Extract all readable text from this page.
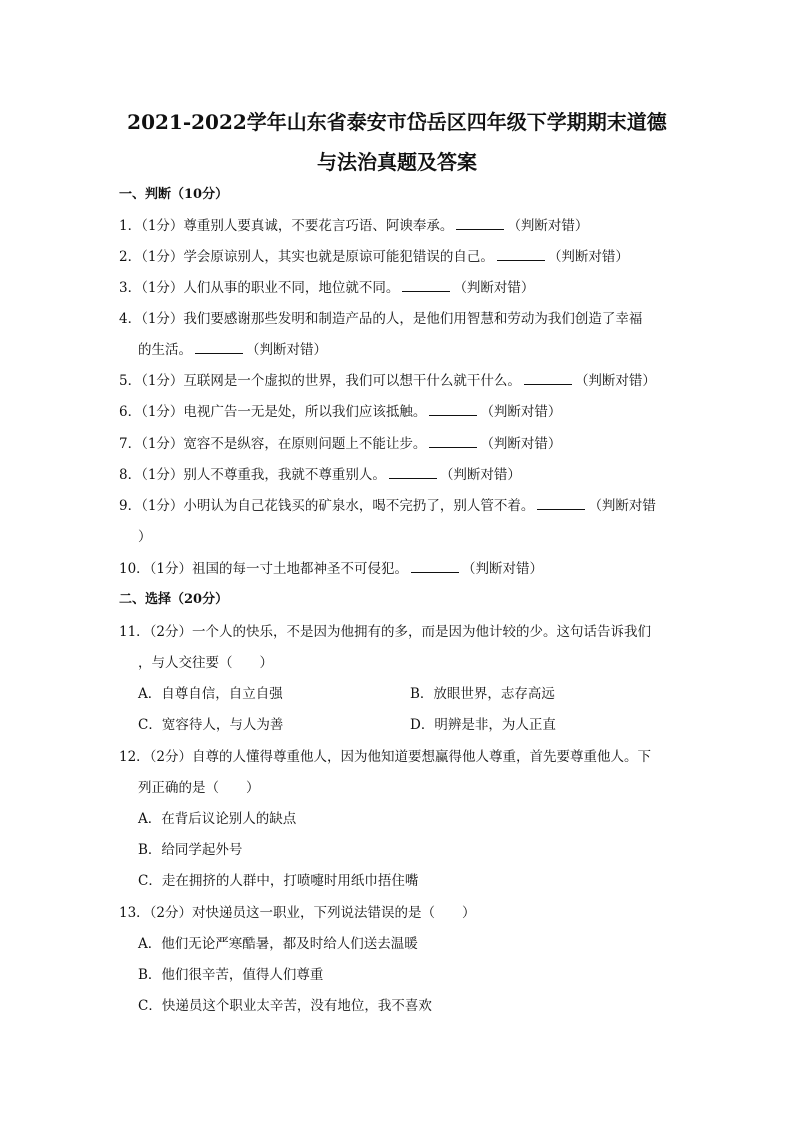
2021-2022学年山东省泰安市岱岳区四年级下学期期末道德
与法治真题及答案
一、判断（10分）
1．（1分）尊重别人要真诚，不要花言巧语、阿谀奉承。	（判断对错）
2．（1分）学会原谅别人，其实也就是原谅可能犯错误的自己。	（判断对错）
3．（1分）人们从事的职业不同，地位就不同。	（判断对错）
4．（1分）我们要感谢那些发明和制造产品的人，是他们用智慧和劳动为我们创造了幸福
的生活。	（判断对错）
5．（1分）互联网是一个虚拟的世界，我们可以想干什么就干什么。	（判断对错）
6．（1分）电视广告一无是处，所以我们应该抵触。	（判断对错）
7．（1分）宽容不是纵容，在原则问题上不能让步。	（判断对错）
8．（1分）别人不尊重我，我就不尊重别人。	（判断对错）
9．（1分）小明认为自己花钱买的矿泉水，喝不完扔了，别人管不着。	（判断对错
）
10．（1分）祖国的每一寸土地都神圣不可侵犯。	（判断对错）
二、选择（20分）
11．（2分）一个人的快乐，不是因为他拥有的多，而是因为他计较的少。这句话告诉我们
，与人交往要（　　）
A．自尊自信，自立自强	B．放眼世界，志存高远
C．宽容待人，与人为善	D．明辨是非，为人正直
12．（2分）自尊的人懂得尊重他人，因为他知道要想赢得他人尊重，首先要尊重他人。下
列正确的是（　　）
A．在背后议论别人的缺点
B．给同学起外号
C．走在拥挤的人群中，打喷嚏时用纸巾捂住嘴
13．（2分）对快递员这一职业，下列说法错误的是（　　）
A．他们无论严寒酷暑，都及时给人们送去温暖
B．他们很辛苦，值得人们尊重
C．快递员这个职业太辛苦，没有地位，我不喜欢
